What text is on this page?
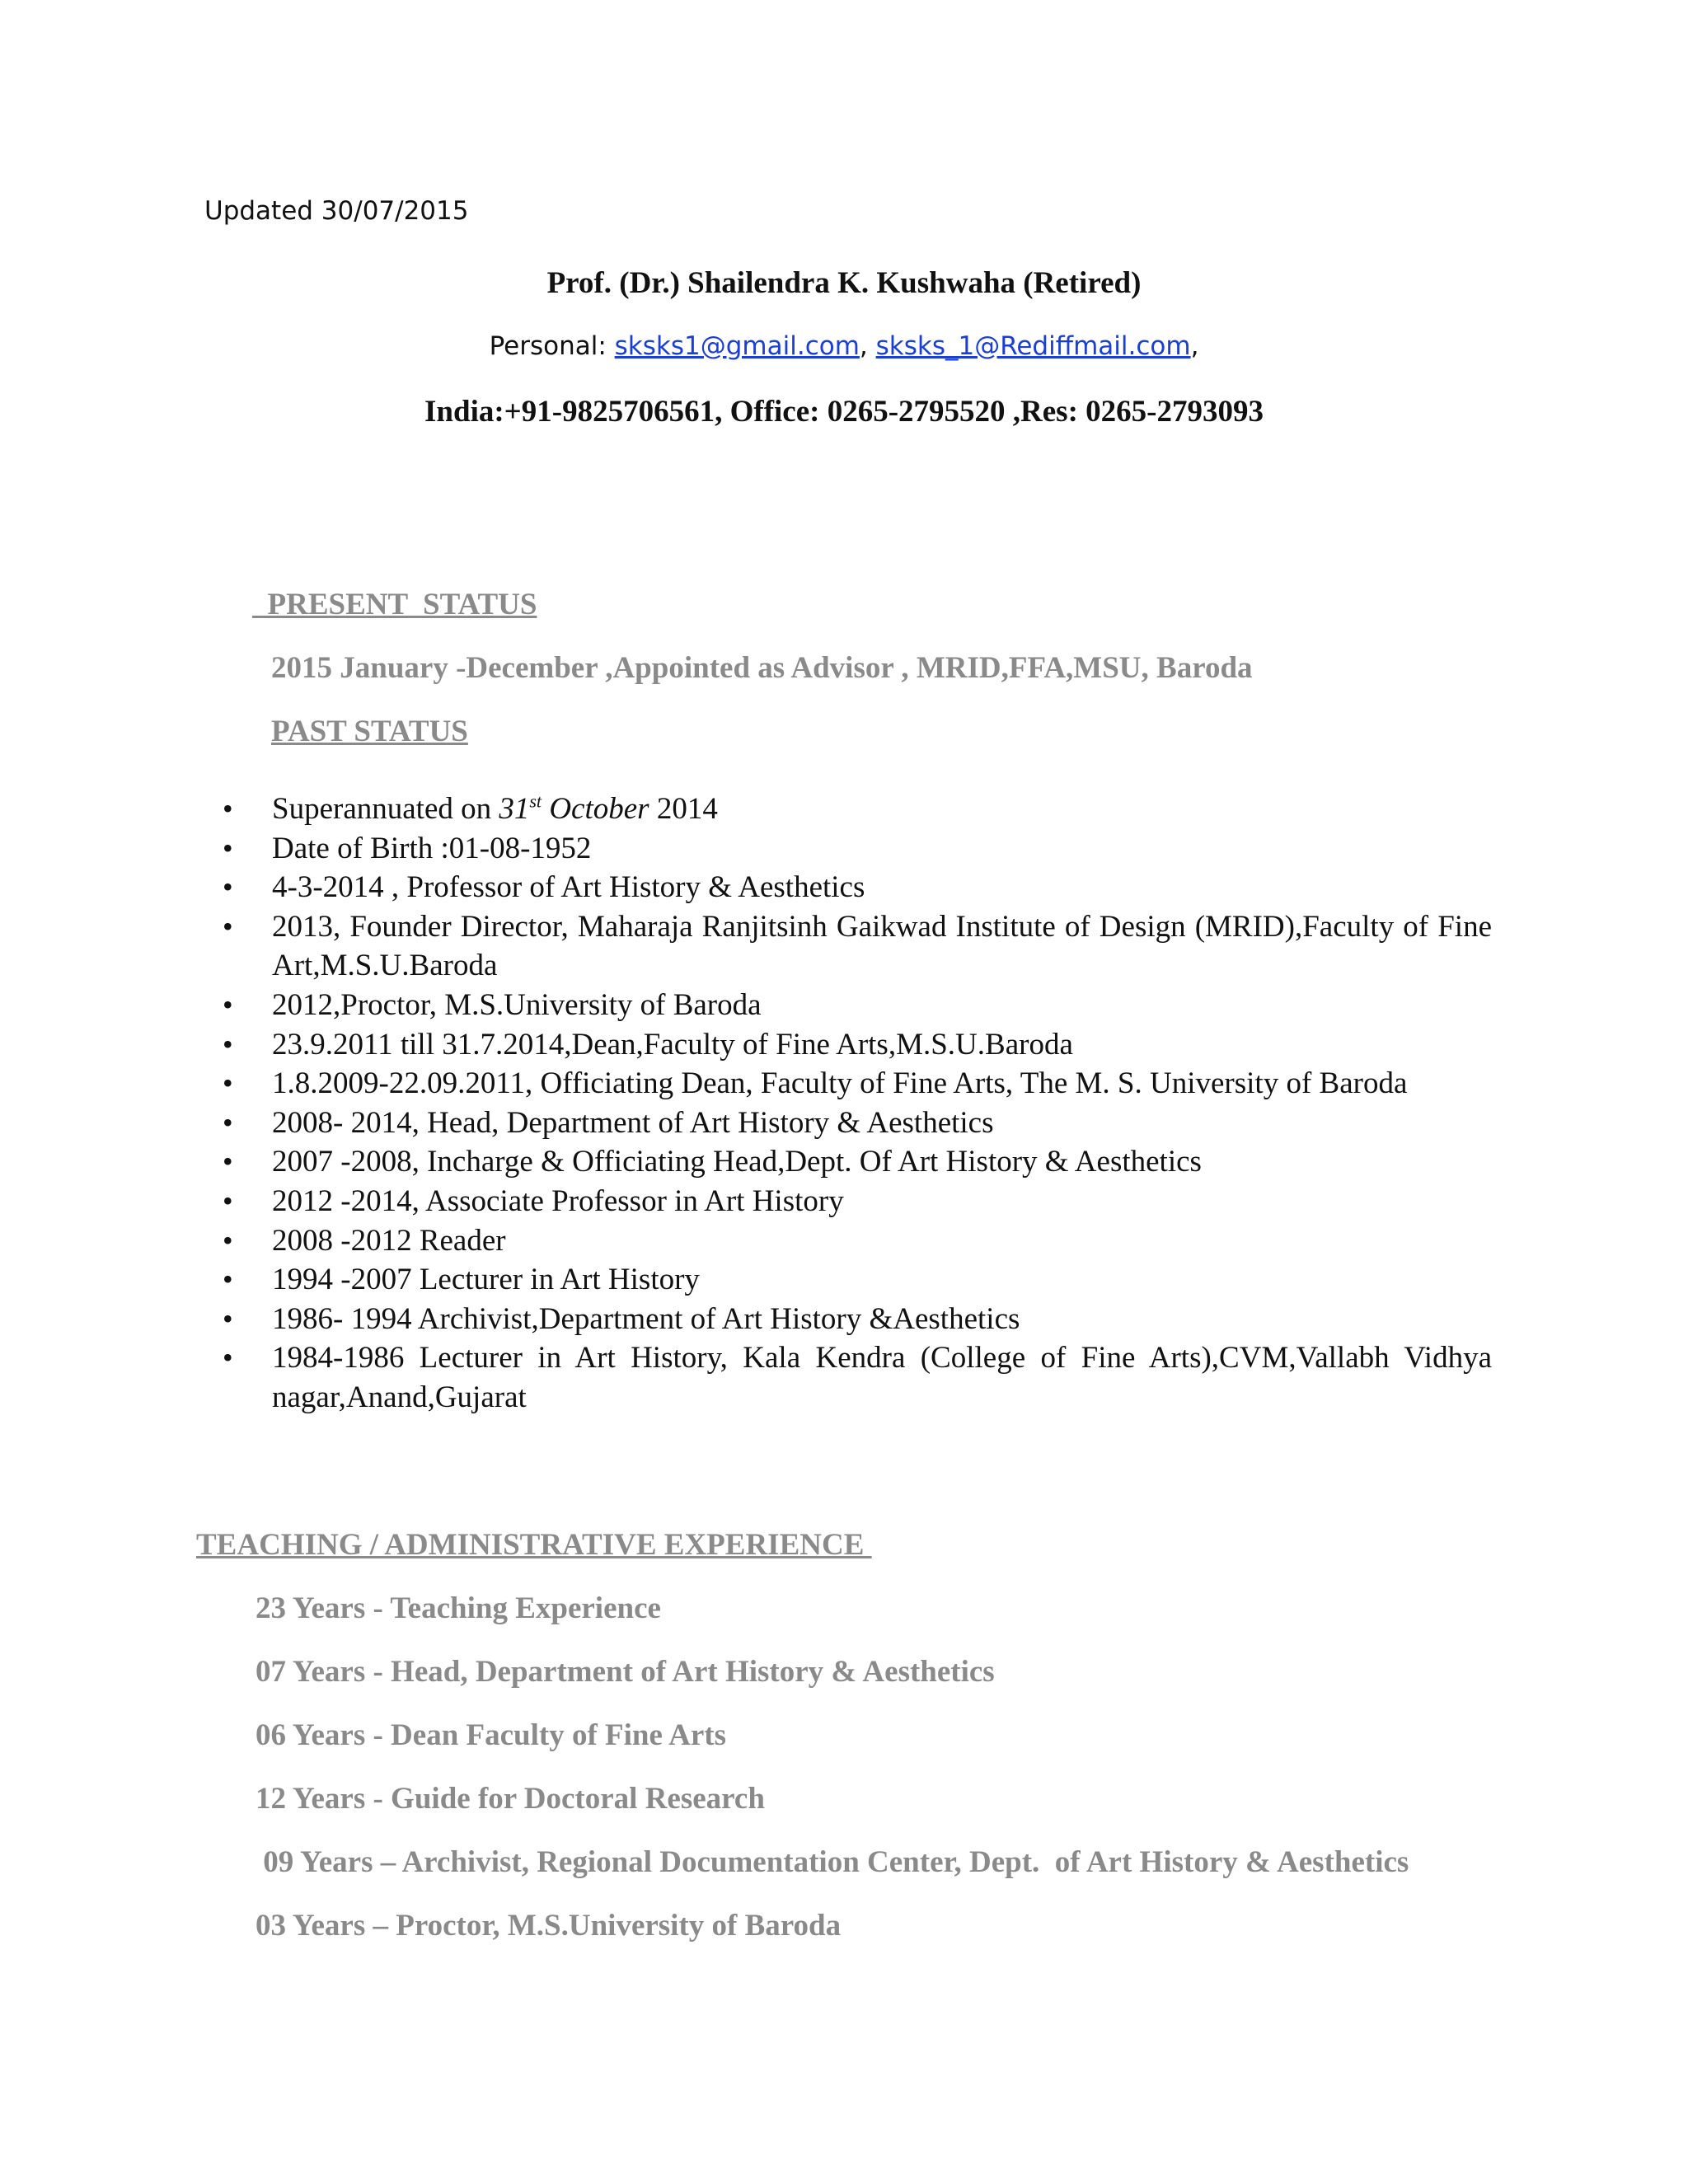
Updated 30/07/2015
Prof. (Dr.) Shailendra K. Kushwaha (Retired)
Personal: sksks1@gmail.com, sksks_1@Rediffmail.com,
India:+91-9825706561, Office: 0265-2795520 ,Res: 0265-2793093
PRESENT  STATUS
2015 January -December ,Appointed as Advisor , MRID,FFA,MSU, Baroda
PAST STATUS
• Superannuated on 31st October 2014
• Date of Birth :01-08-1952
• 4-3-2014 , Professor of Art History & Aesthetics
• 2013, Founder Director, Maharaja Ranjitsinh Gaikwad Institute of Design (MRID),Faculty of Fine Art,M.S.U.Baroda
• 2012,Proctor, M.S.University of Baroda
• 23.9.2011 till 31.7.2014,Dean,Faculty of Fine Arts,M.S.U.Baroda
• 1.8.2009-22.09.2011, Officiating Dean, Faculty of Fine Arts, The M. S. University of Baroda
• 2008- 2014, Head, Department of Art History & Aesthetics
• 2007 -2008, Incharge & Officiating Head,Dept. Of Art History & Aesthetics
• 2012 -2014, Associate Professor in Art History
• 2008 -2012 Reader
• 1994 -2007 Lecturer in Art History
• 1986- 1994 Archivist,Department of Art History &Aesthetics
• 1984-1986 Lecturer in Art History, Kala Kendra (College of Fine Arts),CVM,Vallabh Vidhya nagar,Anand,Gujarat
TEACHING / ADMINISTRATIVE EXPERIENCE
23 Years - Teaching Experience
07 Years - Head, Department of Art History & Aesthetics
06 Years - Dean Faculty of Fine Arts
12 Years - Guide for Doctoral Research
09 Years – Archivist, Regional Documentation Center, Dept.  of Art History & Aesthetics
03 Years – Proctor, M.S.University of Baroda
